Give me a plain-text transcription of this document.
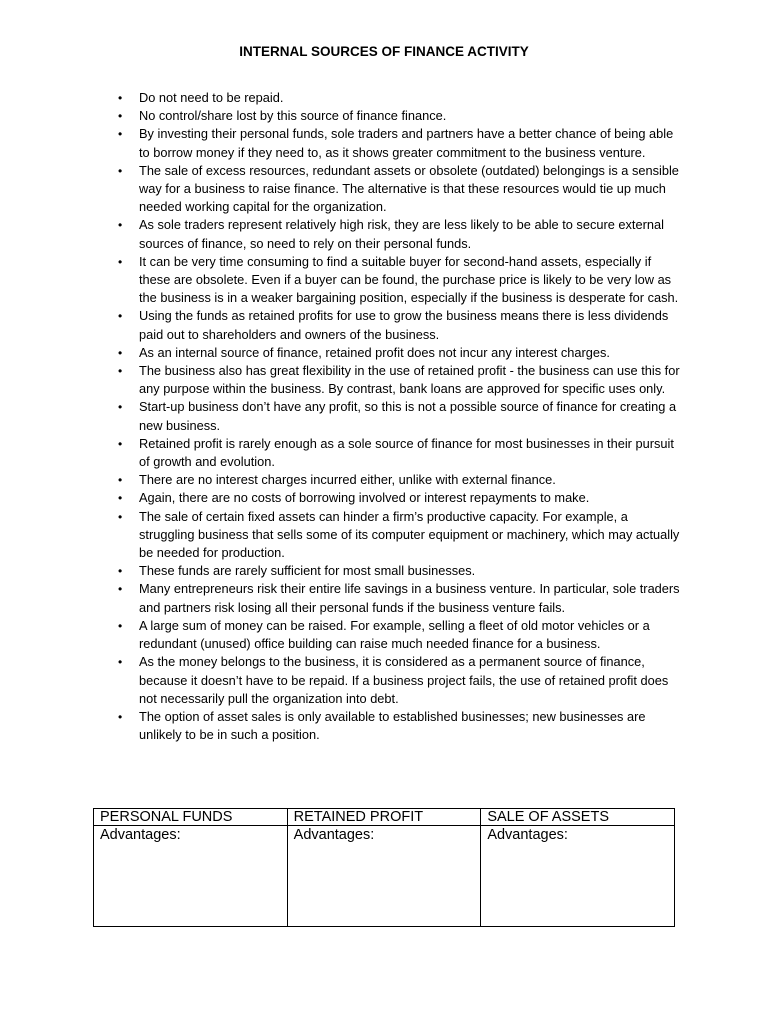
INTERNAL SOURCES OF FINANCE ACTIVITY
• Do not need to be repaid.
• No control/share lost by this source of finance finance.
• By investing their personal funds, sole traders and partners have a better chance of being able to borrow money if they need to, as it shows greater commitment to the business venture.
• The sale of excess resources, redundant assets or obsolete (outdated) belongings is a sensible way for a business to raise finance. The alternative is that these resources would tie up much needed working capital for the organization.
• As sole traders represent relatively high risk, they are less likely to be able to secure external sources of finance, so need to rely on their personal funds.
• It can be very time consuming to find a suitable buyer for second-hand assets, especially if these are obsolete. Even if a buyer can be found, the purchase price is likely to be very low as the business is in a weaker bargaining position, especially if the business is desperate for cash.
• Using the funds as retained profits for use to grow the business means there is less dividends paid out to shareholders and owners of the business.
• As an internal source of finance, retained profit does not incur any interest charges.
• The business also has great flexibility in the use of retained profit - the business can use this for any purpose within the business. By contrast, bank loans are approved for specific uses only.
• Start-up business don’t have any profit, so this is not a possible source of finance for creating a new business.
• Retained profit is rarely enough as a sole source of finance for most businesses in their pursuit of growth and evolution.
• There are no interest charges incurred either, unlike with external finance.
• Again, there are no costs of borrowing involved or interest repayments to make.
• The sale of certain fixed assets can hinder a firm’s productive capacity. For example, a struggling business that sells some of its computer equipment or machinery, which may actually be needed for production.
• These funds are rarely sufficient for most small businesses.
• Many entrepreneurs risk their entire life savings in a business venture. In particular, sole traders and partners risk losing all their personal funds if the business venture fails.
• A large sum of money can be raised. For example, selling a fleet of old motor vehicles or a redundant (unused) office building can raise much needed finance for a business.
• As the money belongs to the business, it is considered as a permanent source of finance, because it doesn’t have to be repaid. If a business project fails, the use of retained profit does not necessarily pull the organization into debt.
• The option of asset sales is only available to established businesses; new businesses are unlikely to be in such a position.
PERSONAL FUNDS	RETAINED PROFIT	SALE OF ASSETS
Advantages:	Advantages:	Advantages:
